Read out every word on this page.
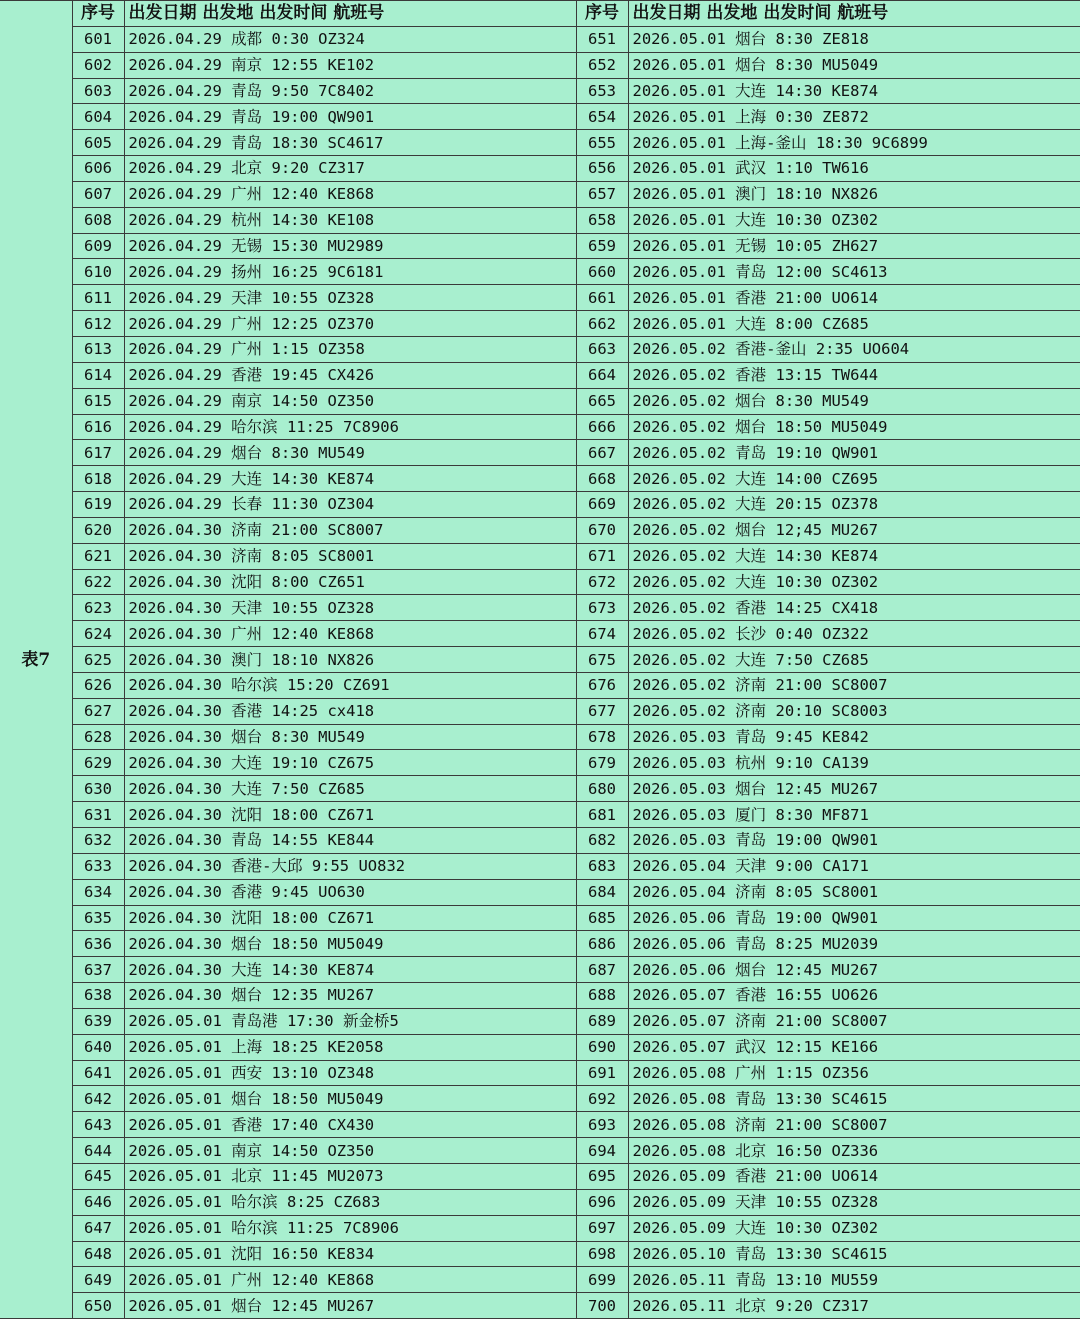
表7	序号	出发日期 出发地 出发时间 航班号	序号	出发日期 出发地 出发时间 航班号
	601	2026.04.29 成都 0:30 OZ324	651	2026.05.01 烟台 8:30 ZE818
	602	2026.04.29 南京 12:55 KE102	652	2026.05.01 烟台 8:30 MU5049
	603	2026.04.29 青岛 9:50 7C8402	653	2026.05.01 大连 14:30 KE874
	604	2026.04.29 青岛 19:00 QW901	654	2026.05.01 上海 0:30 ZE872
	605	2026.04.29 青岛 18:30 SC4617	655	2026.05.01 上海-釜山 18:30 9C6899
	606	2026.04.29 北京 9:20 CZ317	656	2026.05.01 武汉 1:10 TW616
	607	2026.04.29 广州 12:40 KE868	657	2026.05.01 澳门 18:10 NX826
	608	2026.04.29 杭州 14:30 KE108	658	2026.05.01 大连 10:30 OZ302
	609	2026.04.29 无锡 15:30 MU2989	659	2026.05.01 无锡 10:05 ZH627
	610	2026.04.29 扬州 16:25 9C6181	660	2026.05.01 青岛 12:00 SC4613
	611	2026.04.29 天津 10:55 OZ328	661	2026.05.01 香港 21:00 UO614
	612	2026.04.29 广州 12:25 OZ370	662	2026.05.01 大连 8:00 CZ685
	613	2026.04.29 广州 1:15 OZ358	663	2026.05.02 香港-釜山 2:35 UO604
	614	2026.04.29 香港 19:45 CX426	664	2026.05.02 香港 13:15 TW644
	615	2026.04.29 南京 14:50 OZ350	665	2026.05.02 烟台 8:30 MU549
	616	2026.04.29 哈尔滨 11:25 7C8906	666	2026.05.02 烟台 18:50 MU5049
	617	2026.04.29 烟台 8:30 MU549	667	2026.05.02 青岛 19:10 QW901
	618	2026.04.29 大连 14:30 KE874	668	2026.05.02 大连 14:00 CZ695
	619	2026.04.29 长春 11:30 OZ304	669	2026.05.02 大连 20:15 OZ378
	620	2026.04.30 济南 21:00 SC8007	670	2026.05.02 烟台 12;45 MU267
	621	2026.04.30 济南 8:05 SC8001	671	2026.05.02 大连 14:30 KE874
	622	2026.04.30 沈阳 8:00 CZ651	672	2026.05.02 大连 10:30 OZ302
	623	2026.04.30 天津 10:55 OZ328	673	2026.05.02 香港 14:25 CX418
	624	2026.04.30 广州 12:40 KE868	674	2026.05.02 长沙 0:40 OZ322
	625	2026.04.30 澳门 18:10 NX826	675	2026.05.02 大连 7:50 CZ685
	626	2026.04.30 哈尔滨 15:20 CZ691	676	2026.05.02 济南 21:00 SC8007
	627	2026.04.30 香港 14:25 cx418	677	2026.05.02 济南 20:10 SC8003
	628	2026.04.30 烟台 8:30 MU549	678	2026.05.03 青岛 9:45 KE842
	629	2026.04.30 大连 19:10 CZ675	679	2026.05.03 杭州 9:10 CA139
	630	2026.04.30 大连 7:50 CZ685	680	2026.05.03 烟台 12:45 MU267
	631	2026.04.30 沈阳 18:00 CZ671	681	2026.05.03 厦门 8:30 MF871
	632	2026.04.30 青岛 14:55 KE844	682	2026.05.03 青岛 19:00 QW901
	633	2026.04.30 香港-大邱 9:55 UO832	683	2026.05.04 天津 9:00 CA171
	634	2026.04.30 香港 9:45 UO630	684	2026.05.04 济南 8:05 SC8001
	635	2026.04.30 沈阳 18:00 CZ671	685	2026.05.06 青岛 19:00 QW901
	636	2026.04.30 烟台 18:50 MU5049	686	2026.05.06 青岛 8:25 MU2039
	637	2026.04.30 大连 14:30 KE874	687	2026.05.06 烟台 12:45 MU267
	638	2026.04.30 烟台 12:35 MU267	688	2026.05.07 香港 16:55 UO626
	639	2026.05.01 青岛港 17:30 新金桥5	689	2026.05.07 济南 21:00 SC8007
	640	2026.05.01 上海 18:25 KE2058	690	2026.05.07 武汉 12:15 KE166
	641	2026.05.01 西安 13:10 OZ348	691	2026.05.08 广州 1:15 OZ356
	642	2026.05.01 烟台 18:50 MU5049	692	2026.05.08 青岛 13:30 SC4615
	643	2026.05.01 香港 17:40 CX430	693	2026.05.08 济南 21:00 SC8007
	644	2026.05.01 南京 14:50 OZ350	694	2026.05.08 北京 16:50 OZ336
	645	2026.05.01 北京 11:45 MU2073	695	2026.05.09 香港 21:00 UO614
	646	2026.05.01 哈尔滨 8:25 CZ683	696	2026.05.09 天津 10:55 OZ328
	647	2026.05.01 哈尔滨 11:25 7C8906	697	2026.05.09 大连 10:30 OZ302
	648	2026.05.01 沈阳 16:50 KE834	698	2026.05.10 青岛 13:30 SC4615
	649	2026.05.01 广州 12:40 KE868	699	2026.05.11 青岛 13:10 MU559
	650	2026.05.01 烟台 12:45 MU267	700	2026.05.11 北京 9:20 CZ317
